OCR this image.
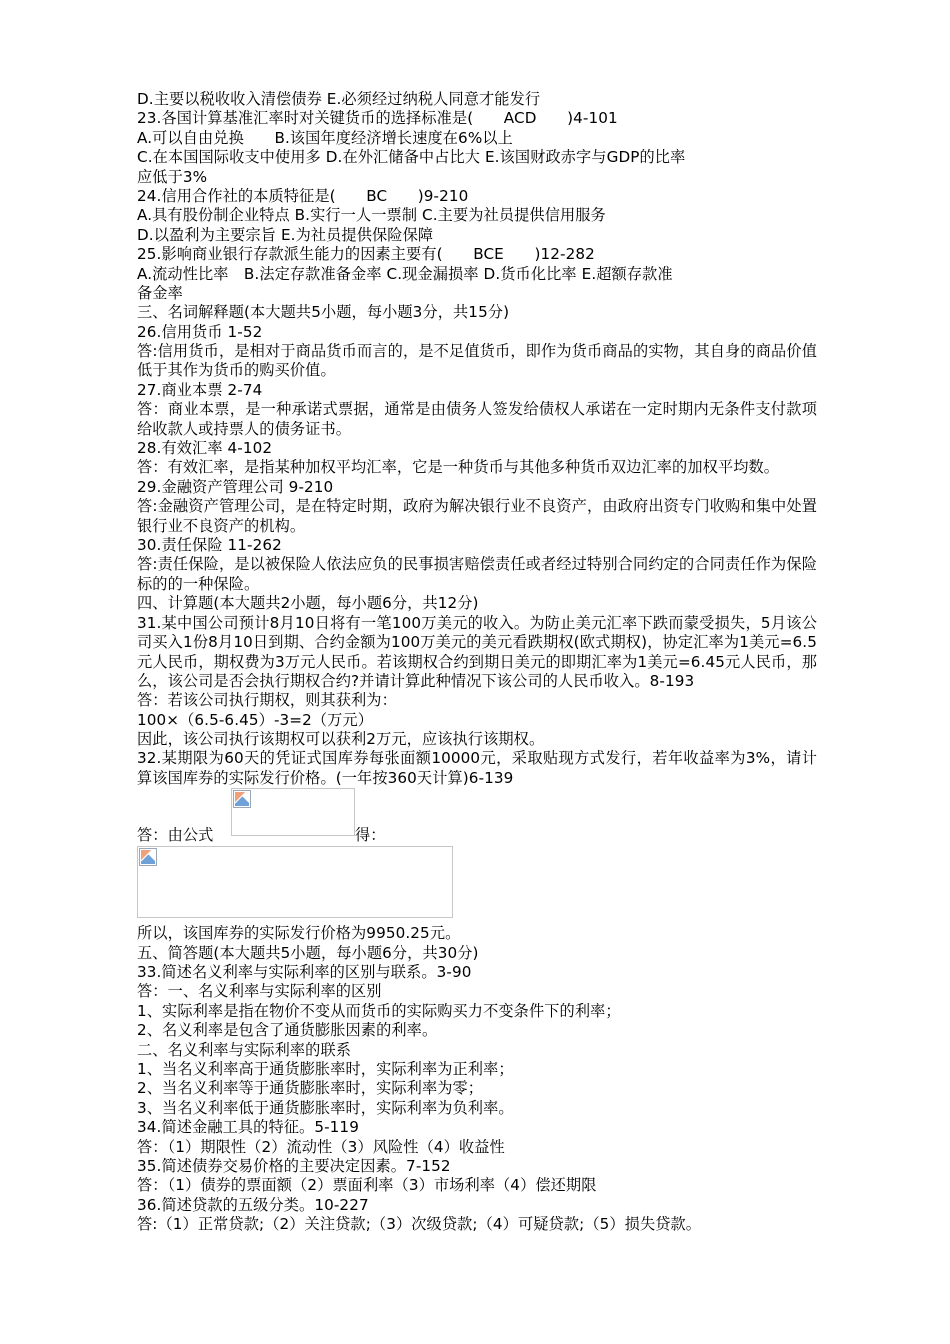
D.主要以税收收入清偿债券 E.必须经过纳税人同意才能发行
23.各国计算基准汇率时对关键货币的选择标准是(　　ACD　　)4-101
A.可以自由兑换　　B.该国年度经济增长速度在6%以上
C.在本国国际收支中使用多 D.在外汇储备中占比大 E.该国财政赤字与GDP的比率
应低于3%
24.信用合作社的本质特征是(　　BC　　)9-210
A.具有股份制企业特点 B.实行一人一票制 C.主要为社员提供信用服务
D.以盈利为主要宗旨 E.为社员提供保险保障
25.影响商业银行存款派生能力的因素主要有(　　BCE　　)12-282
A.流动性比率　B.法定存款准备金率 C.现金漏损率 D.货币化比率 E.超额存款准
备金率
三、名词解释题(本大题共5小题，每小题3分，共15分)
26.信用货币 1-52

答:信用货币，是相对于商品货币而言的，是不足值货币，即作为货币商品的实物，其自身的商品价值低于其作为货币的购买价值。

27.商业本票 2-74

答：商业本票，是一种承诺式票据，通常是由债务人签发给债权人承诺在一定时期内无条件支付款项给收款人或持票人的债务证书。

28.有效汇率 4-102

答：有效汇率，是指某种加权平均汇率，它是一种货币与其他多种货币双边汇率的加权平均数。

29.金融资产管理公司 9-210

答:金融资产管理公司，是在特定时期，政府为解决银行业不良资产，由政府出资专门收购和集中处置银行业不良资产的机构。

30.责任保险 11-262

答:责任保险，是以被保险人依法应负的民事损害赔偿责任或者经过特别合同约定的合同责任作为保险标的的一种保险。

四、计算题(本大题共2小题，每小题6分，共12分)

31.某中国公司预计8月10日将有一笔100万美元的收入。为防止美元汇率下跌而蒙受损失，5月该公司买入1份8月10日到期、合约金额为100万美元的美元看跌期权(欧式期权)，协定汇率为1美元=6.5元人民币，期权费为3万元人民币。若该期权合约到期日美元的即期汇率为1美元=6.45元人民币，那么，该公司是否会执行期权合约?并请计算此种情况下该公司的人民币收入。8-193

答：若该公司执行期权，则其获利为：
100×（6.5-6.45）-3=2（万元）
因此，该公司执行该期权可以获利2万元，应该执行该期权。

32.某期限为60天的凭证式国库券每张面额10000元，采取贴现方式发行，若年收益率为3%，请计算该国库券的实际发行价格。(一年按360天计算)6-139

答：由公式	得：
所以，该国库券的实际发行价格为9950.25元。
五、简答题(本大题共5小题，每小题6分，共30分)
33.简述名义利率与实际利率的区别与联系。3-90
答：一、名义利率与实际利率的区别
1、实际利率是指在物价不变从而货币的实际购买力不变条件下的利率；
2、名义利率是包含了通货膨胀因素的利率。
二、名义利率与实际利率的联系
1、当名义利率高于通货膨胀率时，实际利率为正利率；
2、当名义利率等于通货膨胀率时，实际利率为零；
3、当名义利率低于通货膨胀率时，实际利率为负利率。
34.简述金融工具的特征。5-119
答：（1）期限性（2）流动性（3）风险性（4）收益性
35.简述债券交易价格的主要决定因素。7-152
答：（1）债券的票面额（2）票面利率（3）市场利率（4）偿还期限
36.简述贷款的五级分类。10-227
答:（1）正常贷款;（2）关注贷款;（3）次级贷款;（4）可疑贷款;（5）损失贷款。
